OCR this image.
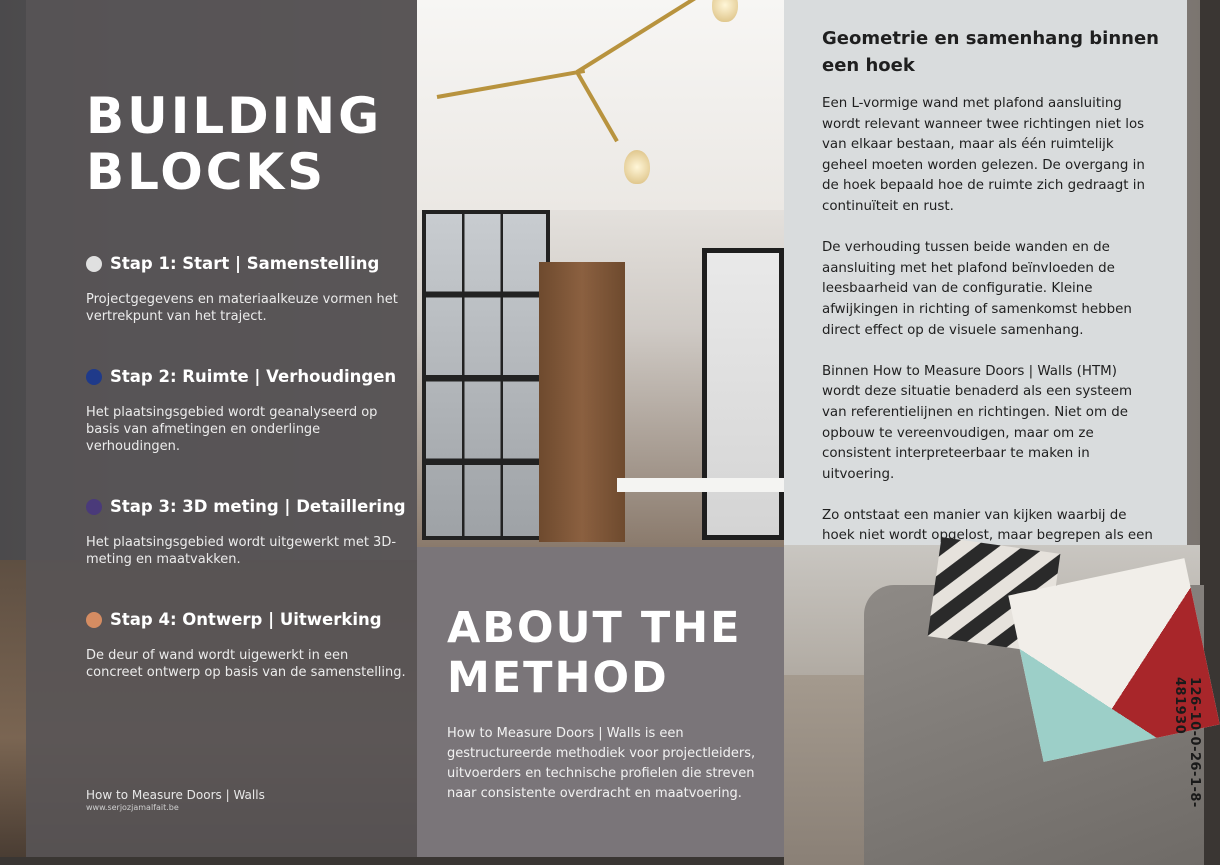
BUILDING
BLOCKS
Stap 1: Start | Samenstelling
Projectgegevens en materiaalkeuze vormen het vertrekpunt van het traject.
Stap 2: Ruimte | Verhoudingen
Het plaatsingsgebied wordt geanalyseerd op basis van afmetingen en onderlinge verhoudingen.
Stap 3: 3D meting | Detaillering
Het plaatsingsgebied wordt uitgewerkt met 3D-meting en maatvakken.
Stap 4: Ontwerp | Uitwerking
De deur of wand wordt uigewerkt in een concreet ontwerp op basis van de samenstelling.
How to Measure Doors | Walls
www.serjozjamalfait.be
ABOUT THE
METHOD
How to Measure Doors | Walls is een gestructureerde methodiek voor projectleiders, uitvoerders en technische profielen die streven naar consistente overdracht en maatvoering.
Geometrie en samenhang binnen een hoek

Een L-vormige wand met plafond aansluiting wordt relevant wanneer twee richtingen niet los van elkaar bestaan, maar als één ruimtelijk geheel moeten worden gelezen. De overgang in de hoek bepaald hoe de ruimte zich gedraagt in continuïteit en rust.

De verhouding tussen beide wanden en de aansluiting met het plafond beïnvloeden de leesbaarheid van de configuratie. Kleine afwijkingen in richting of samenkomst hebben direct effect op de visuele samenhang.

Binnen How to Measure Doors | Walls (HTM) wordt deze situatie benaderd als een systeem van referentielijnen en richtingen. Niet om de opbouw te vereenvoudigen, maar om ze consistent interpreteerbaar te maken in uitvoering.

Zo ontstaat een manier van kijken waarbij de hoek niet wordt opgelost, maar begrepen als een

126-10-0-26-1-8-481930
